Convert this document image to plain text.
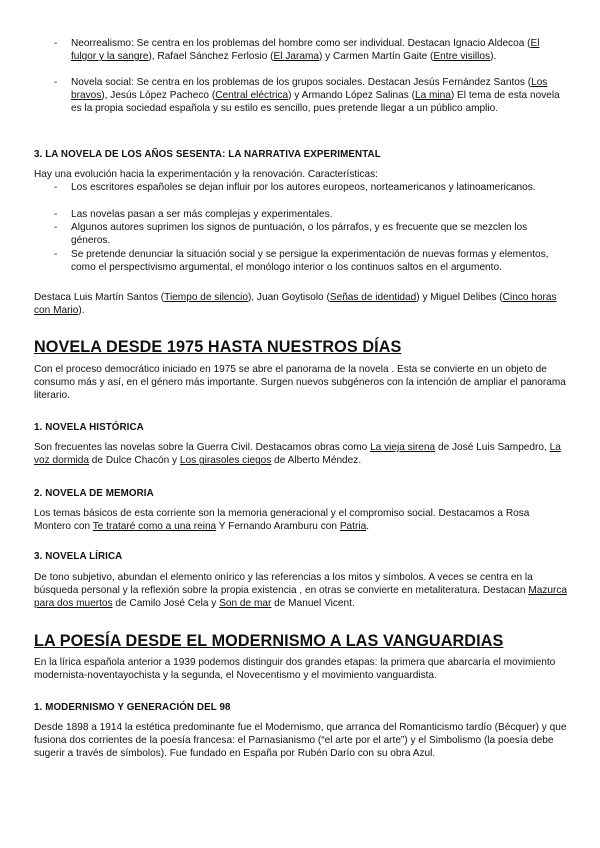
-	Neorrealismo: Se centra en los problemas del hombre como ser individual. Destacan Ignacio Aldecoa (El fulgor y la sangre), Rafael Sánchez Ferlosio (El Jarama) y Carmen Martín Gaite (Entre visillos).

-	Novela social: Se centra en los problemas de los grupos sociales. Destacan Jesús Fernández Santos (Los bravos), Jesús López Pacheco (Central eléctrica) y Armando López Salinas (La mina) El tema de esta novela es la propia sociedad española y su estilo es sencillo, pues pretende llegar a un público amplio.

3. LA NOVELA DE LOS AÑOS SESENTA: LA NARRATIVA EXPERIMENTAL

Hay una evolución hacia la experimentación y la renovación. Características:

-	Los escritores españoles se dejan influir por los autores europeos, norteamericanos y latinoamericanos.

-	Las novelas pasan a ser más complejas y experimentales.

-	Algunos autores suprimen los signos de puntuación, o los párrafos, y es frecuente que se mezclen los géneros.

-	Se pretende denunciar la situación social y se persigue la experimentación de nuevas formas y elementos, como el perspectivismo argumental, el monólogo interior o los continuos saltos en el argumento.

Destaca Luis Martín Santos (Tiempo de silencio), Juan Goytisolo (Señas de identidad) y Miguel Delibes (Cinco horas con Mario).

NOVELA DESDE 1975 HASTA NUESTROS DÍAS

Con el proceso democrático iniciado en 1975 se abre el panorama de la novela . Esta se convierte en un objeto de consumo más y así, en el género más importante. Surgen nuevos subgéneros con la intención de ampliar el panorama literario.

1. NOVELA HISTÓRICA

Son frecuentes las novelas sobre la Guerra Civil. Destacamos obras como La vieja sirena de José Luis Sampedro, La voz dormida de Dulce Chacón y Los girasoles ciegos de Alberto Méndez.

2. NOVELA DE MEMORIA

Los temas básicos de esta corriente son la memoria generacional y el compromiso social. Destacamos a Rosa Montero con Te trataré como a una reina Y Fernando Aramburu con Patria.

3. NOVELA LÍRICA

De tono subjetivo, abundan el elemento onírico y las referencias a los mitos y símbolos. A veces se centra en la búsqueda personal y la reflexión sobre la propia existencia , en otras se convierte en metaliteratura. Destacan Mazurca para dos muertos de Camilo José Cela y Son de mar de Manuel Vicent.

LA POESÍA DESDE EL MODERNISMO A LAS VANGUARDIAS

En la lírica española anterior a 1939 podemos distinguir dos grandes etapas: la primera que abarcaría el movimiento modernista-noventayochista y la segunda, el Novecentismo y el movimiento vanguardista.

1. MODERNISMO Y GENERACIÓN DEL 98

Desde 1898 a 1914 la estética predominante fue el Modernismo, que arranca del Romanticismo tardío (Bécquer) y que fusiona dos corrientes de la poesía francesa: el Parnasianismo (“el arte por el arte”) y el Simbolismo (la poesía debe sugerir a través de símbolos). Fue fundado en España por Rubén Darío con su obra Azul.
